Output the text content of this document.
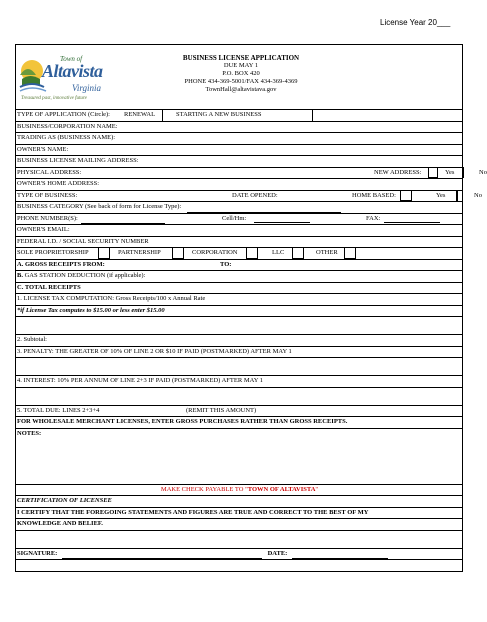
License Year 20___
Town of
Altavista
Virginia
Treasured past, innovative future
BUSINESS LICENSE APPLICATION
DUE MAY 1
P.O. BOX 420
PHONE 434-369-5001/FAX 434-369-4369
TownHall@altavistava.gov
TYPE OF APPLICATION (Circle): RENEWAL	STARTING A NEW BUSINESS
BUSINESS/CORPORATION NAME:
TRADING AS (BUSINESS NAME):
OWNER'S NAME:
BUSINESS LICENSE MAILING ADDRESS:
PHYSICAL ADDRESS:	NEW ADDRESS:	Yes	No
OWNER'S HOME ADDRESS:
TYPE OF BUSINESS:	DATE OPENED:	HOME BASED:	Yes	No
BUSINESS CATEGORY (See back of form for License Type):
PHONE NUMBER(S):	Cell/Hm:	FAX:
OWNER'S EMAIL:
FEDERAL I.D. / SOCIAL SECURITY NUMBER
SOLE PROPRIETORSHIP	PARTNERSHIP	CORPORATION	LLC	OTHER
A. GROSS RECEIPTS FROM:	TO:
B. GAS STATION DEDUCTION (if applicable):
C. TOTAL RECEIPTS
1. LICENSE TAX COMPUTATION: Gross Receipts/100 x Annual Rate
*if License Tax computes to $15.00 or less enter $15.00
2. Subtotal:
3. PENALTY: THE GREATER OF 10% OF LINE 2 OR $10 IF PAID (POSTMARKED) AFTER MAY 1
4. INTEREST: 10% PER ANNUM OF LINE 2+3 IF PAID (POSTMARKED) AFTER MAY 1
5. TOTAL DUE: LINES 2+3+4	(REMIT THIS AMOUNT)
FOR WHOLESALE MERCHANT LICENSES, ENTER GROSS PURCHASES RATHER THAN GROSS RECEIPTS.
NOTES:
MAKE CHECK PAYABLE TO "TOWN OF ALTAVISTA"
CERTIFICATION OF LICENSEE
I CERTIFY THAT THE FOREGOING STATEMENTS AND FIGURES ARE TRUE AND CORRECT TO THE BEST OF MY
KNOWLEDGE AND BELIEF.
SIGNATURE:	DATE:
